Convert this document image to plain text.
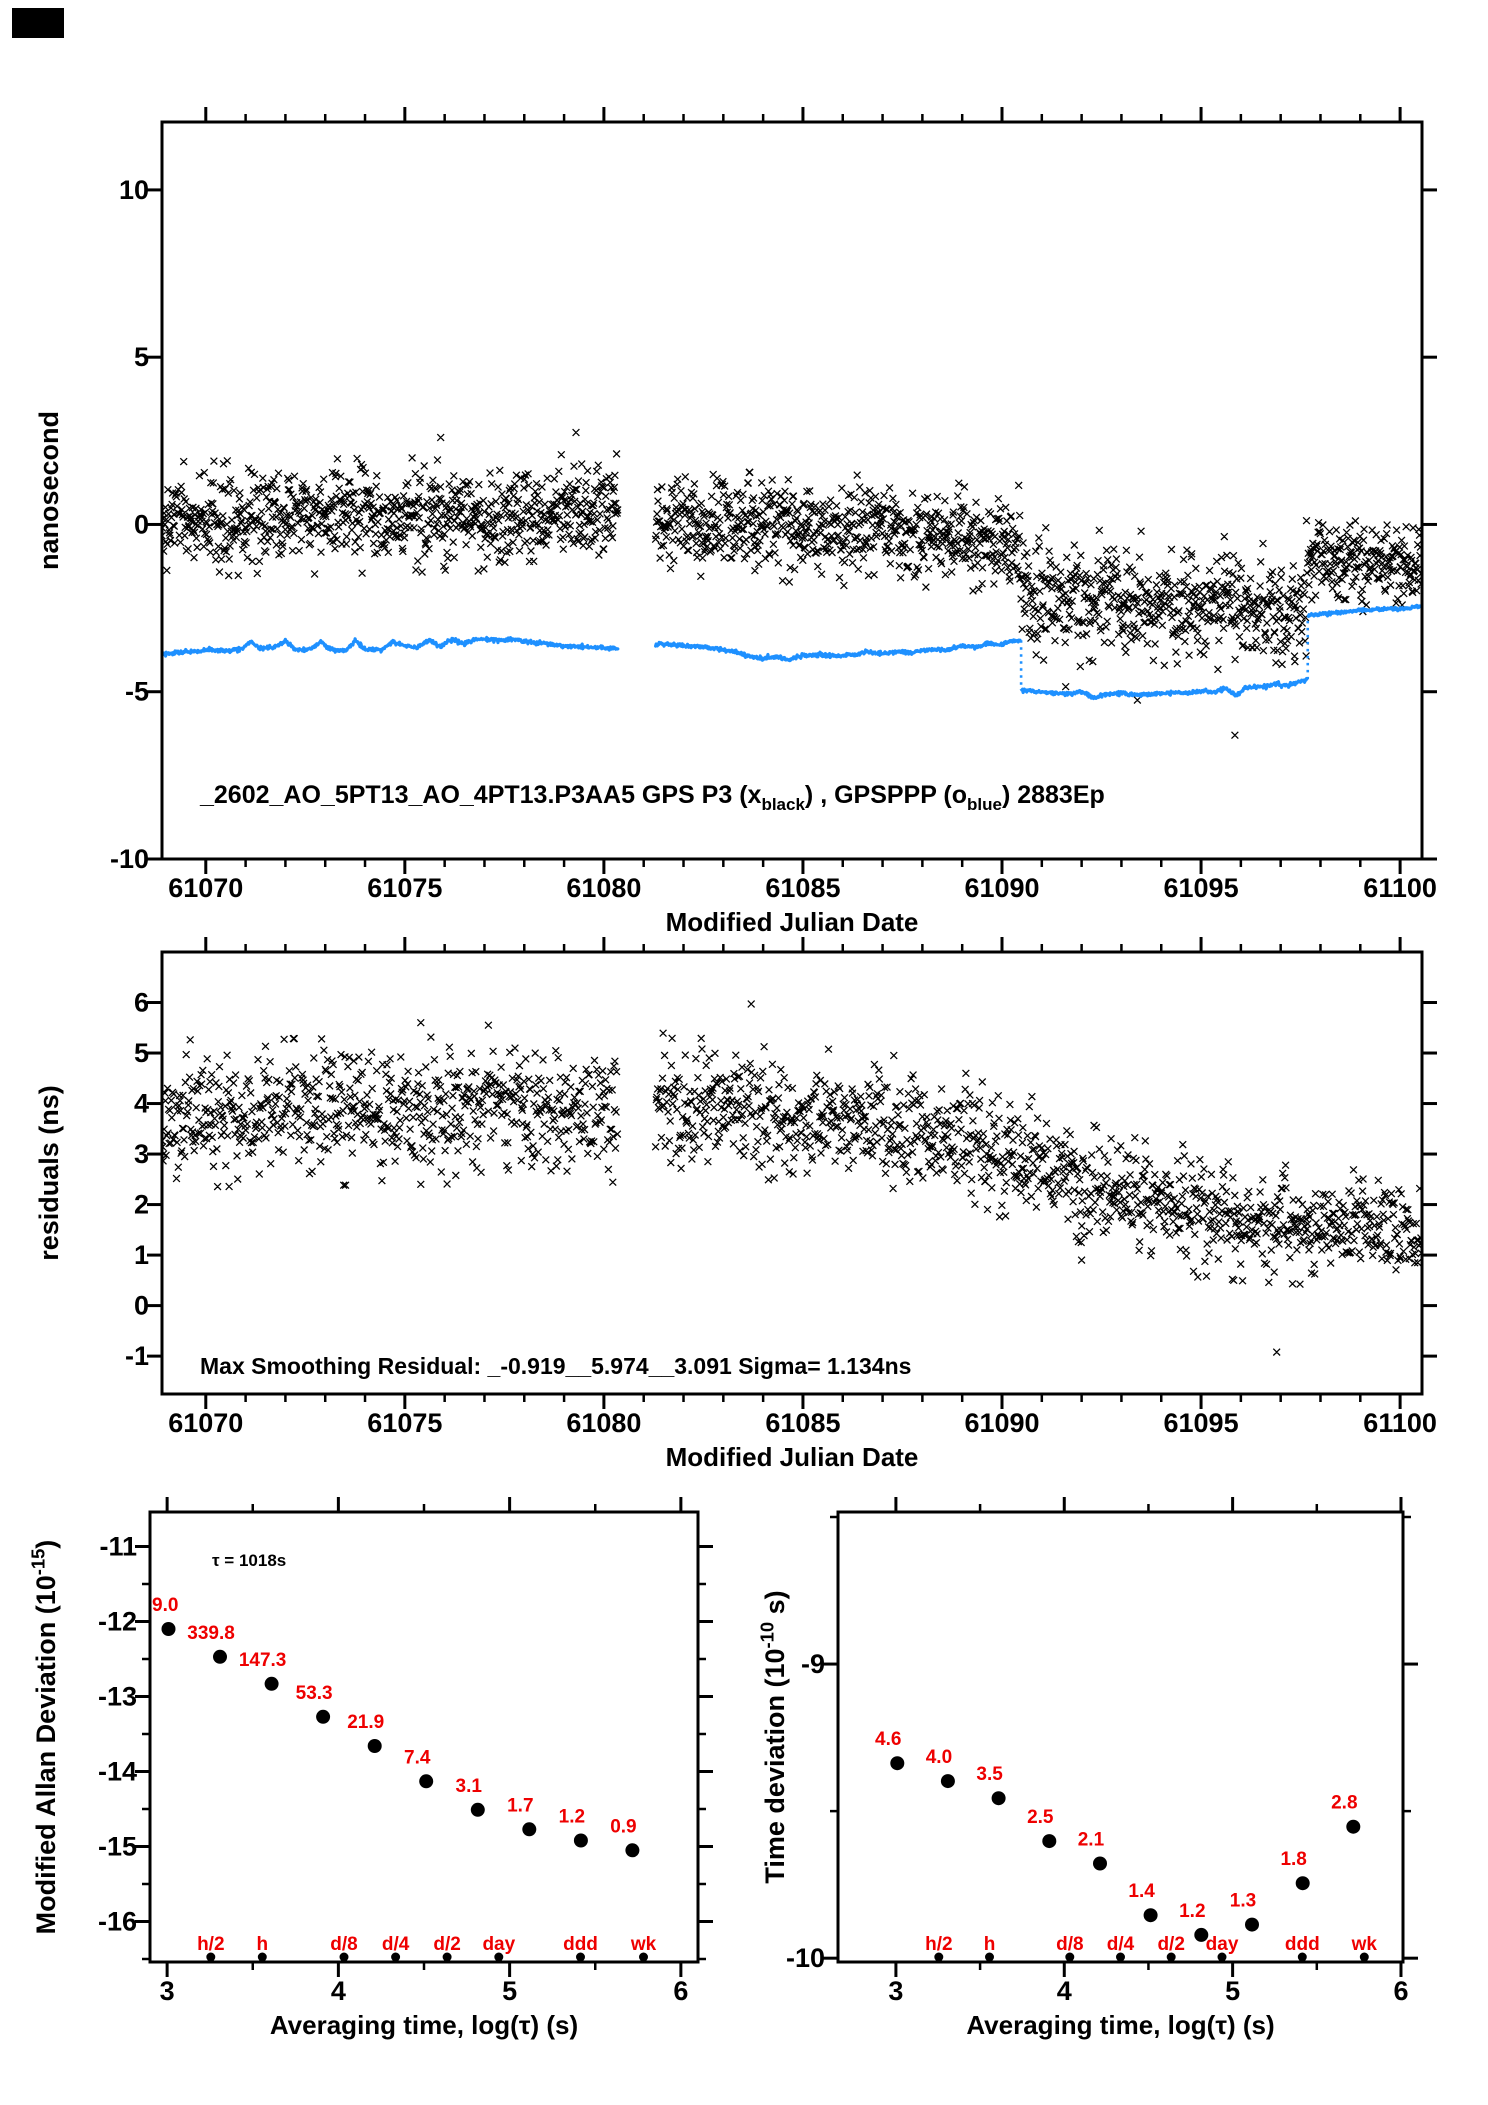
61070	61075	61080	61085	61090	61095	61100
10
5
0
-5
-10
Modified Julian Date
nanosecond
_2602_AO_5PT13_AO_4PT13.P3AA5 GPS P3 $(x_{black})$ , GPSPPP $(o_{blue})$ 2883Ep
61070	61075	61080	61085	61090	61095	61100
6
5
4
3
2
1
0
-1
Modified Julian Date
residuals (ns)
Max Smoothing Residual: _-0.919__5.974__3.091 Sigma= 1.134ns
9.0
339.8
147.3
53.3
21.9
7.4
3.1
1.7
1.2 0.9
h/2 h	d/8 d/4 d/2 day	ddd wk
3	4	5	6
-11
-12
-13
-14
-15
-16
Averaging time, log(τ) (s)
Modified Allan Deviation $(10^{-15})$
τ = 1018s
4.6
4.0
3.5
2.5
2.1
1.4
1.2 1.3
1.8
2.8
h/2 h	d/8 d/4 d/2 day ddd wk
3	4	5	6
-9
-10
Averaging time, log(τ) (s)
Time deviation ($10^{-10}$ s)
